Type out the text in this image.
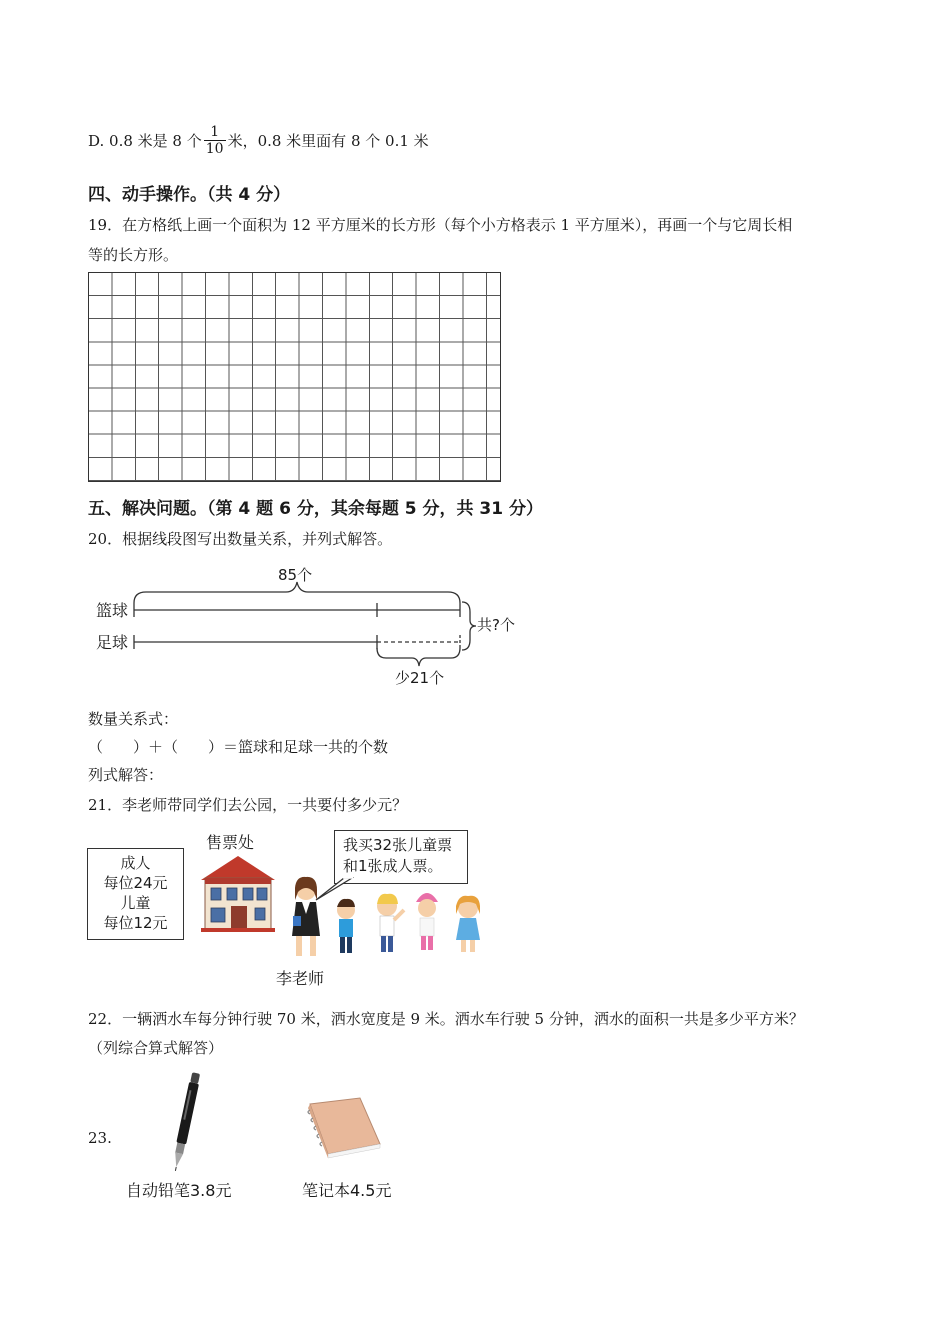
D. 0.8 米是 8 个 $\frac{1}{10}$ 米，0.8 米里面有 8 个 0.1 米
四、动手操作。（共 4 分）
19．在方格纸上画一个面积为 12 平方厘米的长方形（每个小方格表示 1 平方厘米），再画一个与它周长相
等的长方形。
五、解决问题。（第 4 题 6 分，其余每题 5 分，共 31 分）
20．根据线段图写出数量关系，并列式解答。
85个
篮球
足球
共?个
少21个
数量关系式：
（　　）＋（　　）＝篮球和足球一共的个数
列式解答：
21．李老师带同学们去公园，一共要付多少元？
成人
每位24元
儿童
每位12元
售票处	我买32张儿童票
和1张成人票。
李老师
22．一辆洒水车每分钟行驶 70 米，洒水宽度是 9 米。洒水车行驶 5 分钟，洒水的面积一共是多少平方米？
（列综合算式解答）
23.
自动铅笔3.8元	笔记本4.5元
